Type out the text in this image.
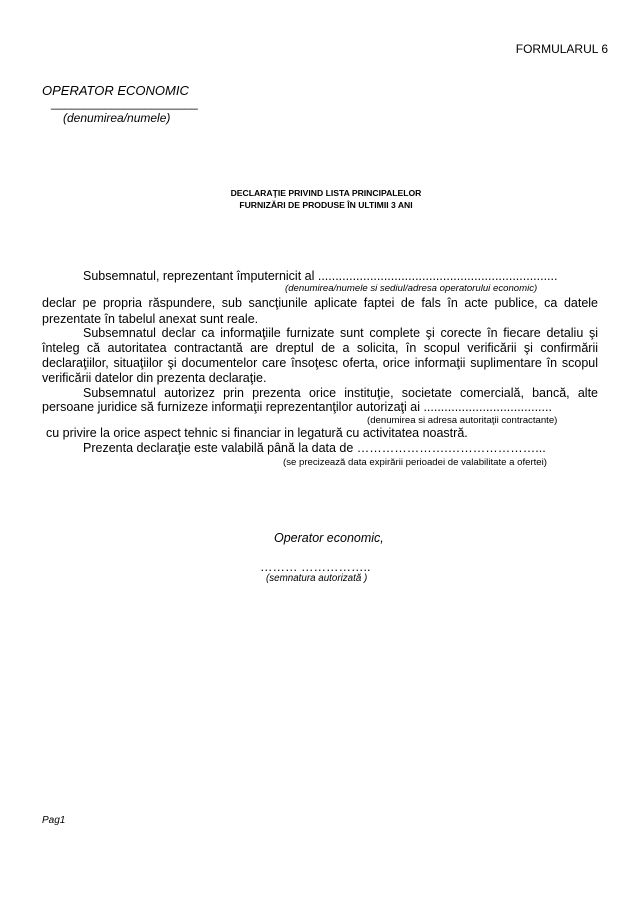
FORMULARUL 6
OPERATOR ECONOMIC
______________________
(denumirea/numele)
DECLARAŢIE PRIVIND LISTA PRINCIPALELOR
FURNIZĂRI DE PRODUSE ÎN ULTIMII 3 ANI
Subsemnatul, reprezentant împuternicit al .....................................................................
(denumirea/numele si sediul/adresa operatorului economic)
declar pe propria răspundere, sub sancţiunile aplicate faptei de fals în acte publice, ca datele
prezentate în tabelul anexat sunt reale.
Subsemnatul declar ca informaţiile furnizate sunt complete şi corecte în fiecare detaliu şi
înteleg că autoritatea contractantă are dreptul de a solicita, în scopul verificării şi confirmării
declaraţiilor, situaţiilor şi documentelor care însoţesc oferta, orice informaţii suplimentare în scopul
verificării datelor din prezenta declaraţie.
Subsemnatul autorizez prin prezenta orice instituţie, societate comercială, bancă, alte
persoane juridice să furnizeze informaţii reprezentanţilor autorizaţi ai .....................................
(denumirea si adresa autoritaţii contractante)
cu privire la orice aspect tehnic si financiar in legatură cu activitatea noastră.
Prezenta declaraţie este valabilă până la data de ………………….…………………...
(se precizează data expirării perioadei de valabilitate a ofertei)
Operator economic,
……… ……………..
(semnatura autorizată )
Pag1
